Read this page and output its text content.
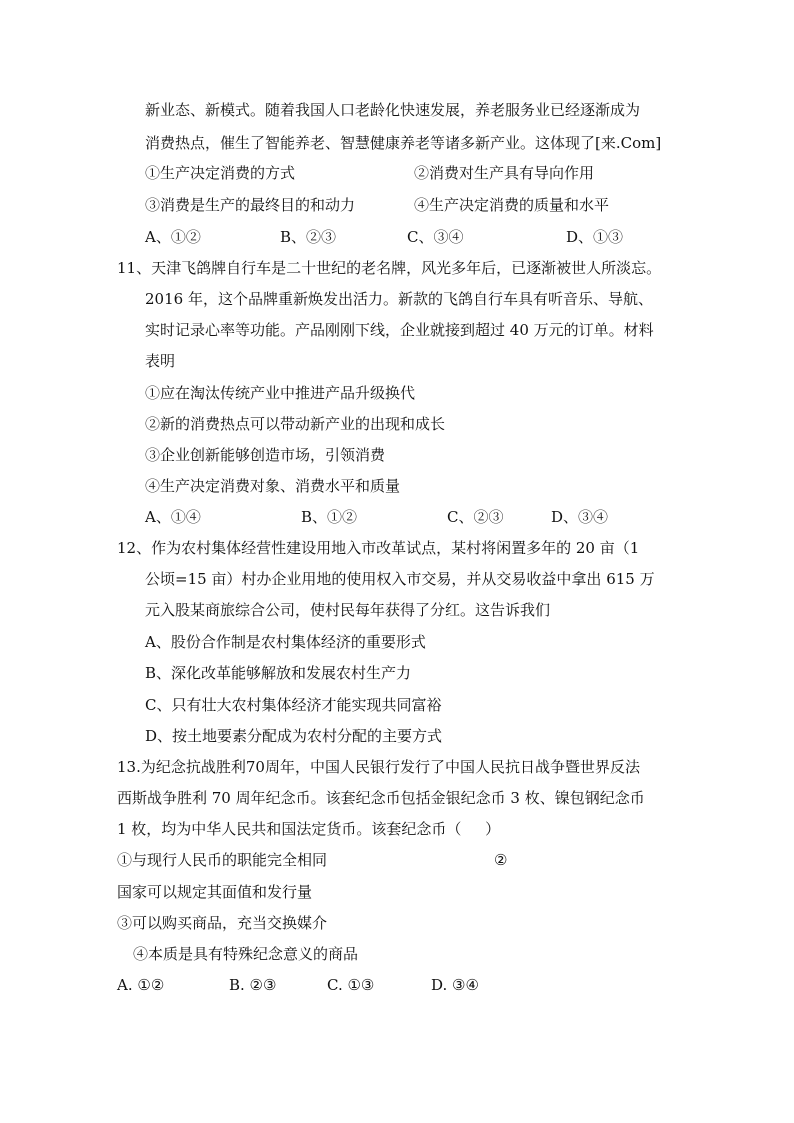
新业态、新模式。随着我国人口老龄化快速发展，养老服务业已经逐渐成为
消费热点，催生了智能养老、智慧健康养老等诸多新产业。这体现了[来.Com]
①生产决定消费的方式	②消费对生产具有导向作用
③消费是生产的最终目的和动力	④生产决定消费的质量和水平
A、①②	B、②③	C、③④	D、①③
11、天津飞鸽牌自行车是二十世纪的老名牌，风光多年后，已逐渐被世人所淡忘。
2016 年，这个品牌重新焕发出活力。新款的飞鸽自行车具有听音乐、导航、
实时记录心率等功能。产品刚刚下线，企业就接到超过 40 万元的订单。材料
表明
①应在淘汰传统产业中推进产品升级换代
②新的消费热点可以带动新产业的出现和成长
③企业创新能够创造市场，引领消费
④生产决定消费对象、消费水平和质量
A、①④	B、①②	C、②③	D、③④
12、作为农村集体经营性建设用地入市改革试点，某村将闲置多年的 20 亩（1
公顷=15 亩）村办企业用地的使用权入市交易，并从交易收益中拿出 615 万
元入股某商旅综合公司，使村民每年获得了分红。这告诉我们
A、股份合作制是农村集体经济的重要形式
B、深化改革能够解放和发展农村生产力
C、只有壮大农村集体经济才能实现共同富裕
D、按土地要素分配成为农村分配的主要方式
13.为纪念抗战胜利70周年，中国人民银行发行了中国人民抗日战争暨世界反法
西斯战争胜利 70 周年纪念币。该套纪念币包括金银纪念币 3 枚、镍包钢纪念币
1 枚，均为中华人民共和国法定货币。该套纪念币（     ）
①与现行人民币的职能完全相同	②
国家可以规定其面值和发行量
③可以购买商品，充当交换媒介
④本质是具有特殊纪念意义的商品
A. ①②	B. ②③	C. ①③	D. ③④
